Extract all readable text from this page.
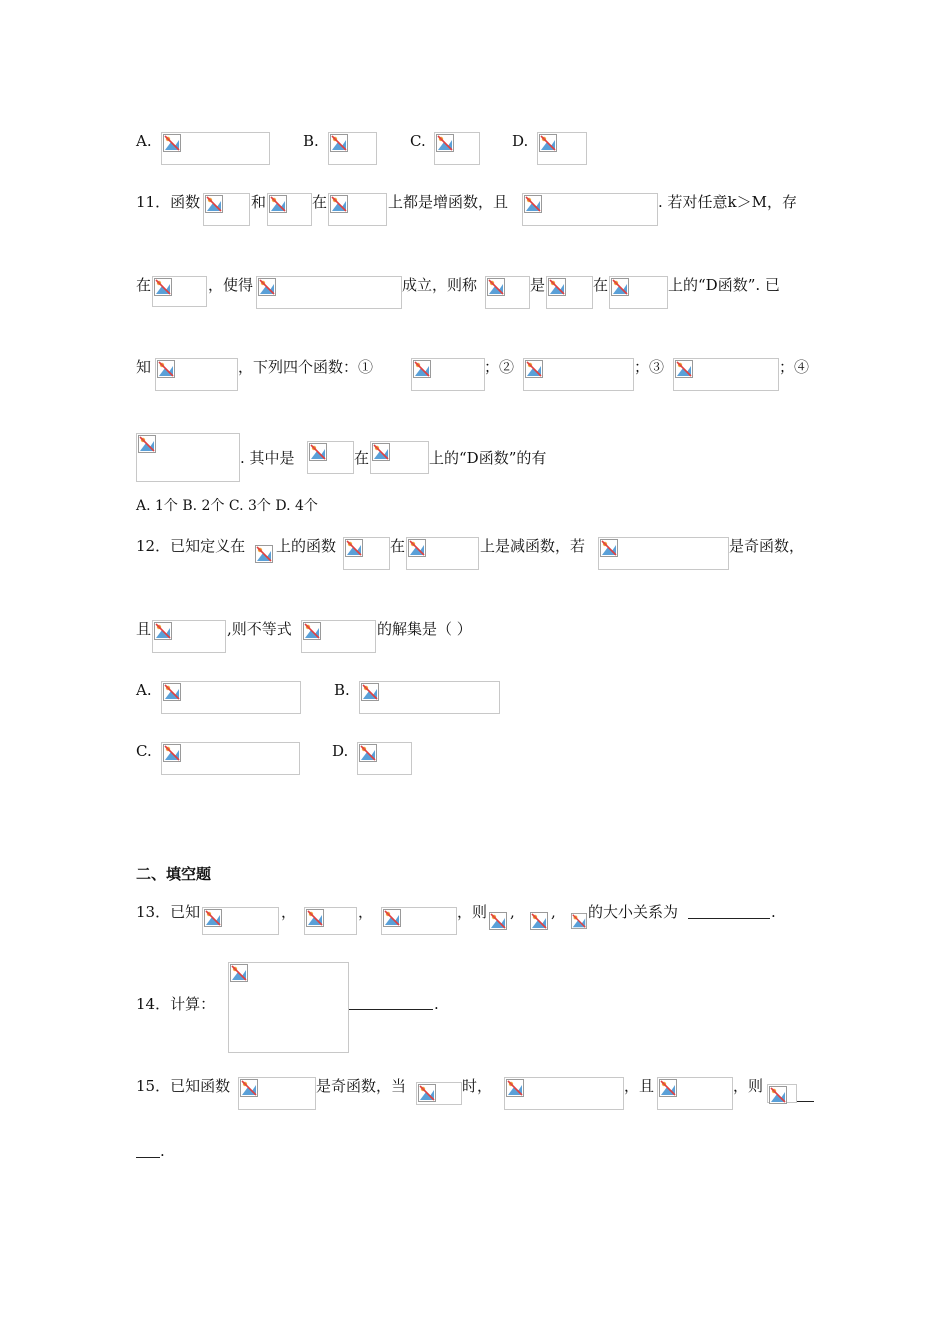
A.	B.	C.	D.
11．函数	和	在	上都是增函数，且	. 若对任意k＞M，存
在	，使得	成立，则称	是	在	上的“D函数”. 已
知	，下列四个函数：①	；②	；③	；④
. 其中是	在	上的“D函数”的有
A. 1个 B. 2个 C. 3个 D. 4个
12．已知定义在 上的函数	在	上是减函数，若	是奇函数，
且	,则不等式	的解集是（ ）
A.	B.
C.	D.
二、填空题
13．已知	，	，	，则 , , 的大小关系为	.
14．计算：	.
15．已知函数	是奇函数，当	时，	，且	，则
.
